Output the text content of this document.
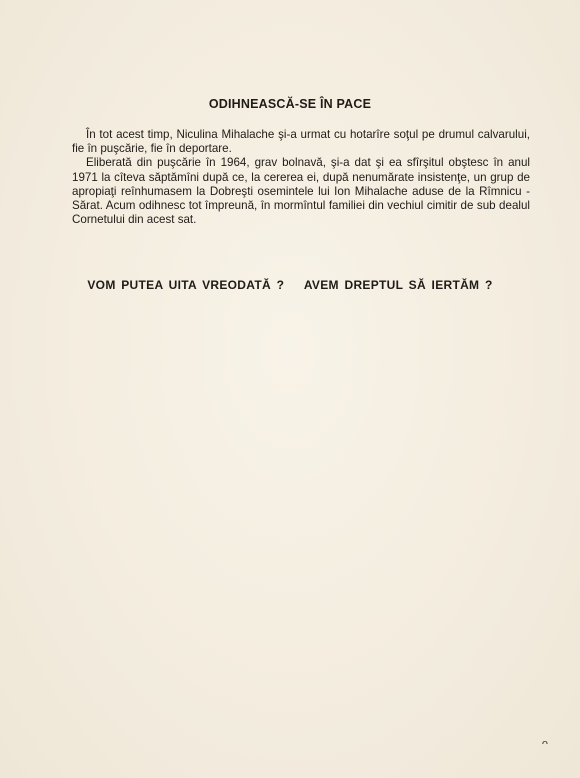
ODIHNEASCĂ-SE ÎN PACE

În tot acest timp, Niculina Mihalache şi-a urmat cu hotarîre soţul pe drumul calvarului, fie în puşcărie, fie în deportare.

Eliberată din puşcărie în 1964, grav bolnavă, şi-a dat şi ea sfîrşitul obştesc în anul 1971 la cîteva săptămîni după ce, la cererea ei, după nenumărate insistenţe, un grup de apropiaţi reînhumasem la Dobreşti osemintele lui Ion Mihalache aduse de la Rîmnicu - Sărat. Acum odihnesc tot împreună, în mormîntul familiei din vechiul cimitir de sub dealul Cornetului din acest sat.

VOM PUTEA UITA VREODATĂ ? AVEM DREPTUL SĂ IERTĂM ?
ᴖ
